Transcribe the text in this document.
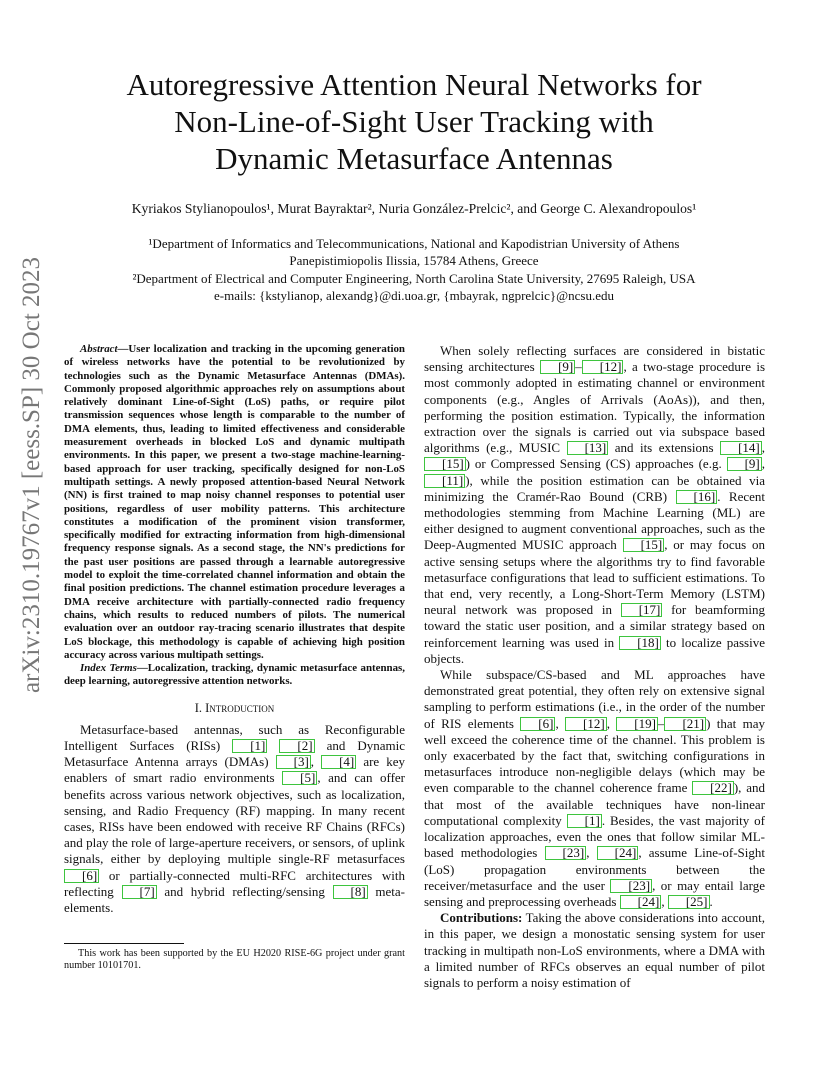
arXiv:2310.19767v1 [eess.SP] 30 Oct 2023
Autoregressive Attention Neural Networks for
Non-Line-of-Sight User Tracking with
Dynamic Metasurface Antennas
Kyriakos Stylianopoulos¹, Murat Bayraktar², Nuria González-Prelcic², and George C. Alexandropoulos¹
¹Department of Informatics and Telecommunications, National and Kapodistrian University of Athens
Panepistimiopolis Ilissia, 15784 Athens, Greece
²Department of Electrical and Computer Engineering, North Carolina State University, 27695 Raleigh, USA
e-mails: {kstylianop, alexandg}@di.uoa.gr, {mbayrak, ngprelcic}@ncsu.edu
Abstract—User localization and tracking in the upcoming generation of wireless networks have the potential to be revolutionized by technologies such as the Dynamic Metasurface Antennas (DMAs). Commonly proposed algorithmic approaches rely on assumptions about relatively dominant Line-of-Sight (LoS) paths, or require pilot transmission sequences whose length is comparable to the number of DMA elements, thus, leading to limited effectiveness and considerable measurement overheads in blocked LoS and dynamic multipath environments. In this paper, we present a two-stage machine-learning-based approach for user tracking, specifically designed for non-LoS multipath settings. A newly proposed attention-based Neural Network (NN) is first trained to map noisy channel responses to potential user positions, regardless of user mobility patterns. This architecture constitutes a modification of the prominent vision transformer, specifically modified for extracting information from high-dimensional frequency response signals. As a second stage, the NN's predictions for the past user positions are passed through a learnable autoregressive model to exploit the time-correlated channel information and obtain the final position predictions. The channel estimation procedure leverages a DMA receive architecture with partially-connected radio frequency chains, which results to reduced numbers of pilots. The numerical evaluation over an outdoor ray-tracing scenario illustrates that despite LoS blockage, this methodology is capable of achieving high position accuracy across various multipath settings.
Index Terms—Localization, tracking, dynamic metasurface antennas, deep learning, autoregressive attention networks.
I. Introduction

Metasurface-based antennas, such as Reconfigurable Intelligent Surfaces (RISs) [1] [2] and Dynamic Metasurface Antenna arrays (DMAs) [3] , [4] are key enablers of smart radio environments [5] , and can offer benefits across various network objectives, such as localization, sensing, and Radio Frequency (RF) mapping. In many recent cases, RISs have been endowed with receive RF Chains (RFCs) and play the role of large-aperture receivers, or sensors, of uplink signals, either by deploying multiple single-RF metasurfaces [6] or partially-connected multi-RFC architectures with reflecting [7] and hybrid reflecting/sensing [8] meta-elements.

This work has been supported by the EU H2020 RISE-6G project under grant number 10101701.

When solely reflecting surfaces are considered in bistatic sensing architectures [9] – [12] , a two-stage procedure is most commonly adopted in estimating channel or environment components (e.g., Angles of Arrivals (AoAs)), and then, performing the position estimation. Typically, the information extraction over the signals is carried out via subspace based algorithms (e.g., MUSIC [13] and its extensions [14] , [15] ) or Compressed Sensing (CS) approaches (e.g. [9] , [11] ), while the position estimation can be obtained via minimizing the Cramér-Rao Bound (CRB) [16] . Recent methodologies stemming from Machine Learning (ML) are either designed to augment conventional approaches, such as the Deep-Augmented MUSIC approach [15] , or may focus on active sensing setups where the algorithms try to find favorable metasurface configurations that lead to sufficient estimations. To that end, very recently, a Long-Short-Term Memory (LSTM) neural network was proposed in [17] for beamforming toward the static user position, and a similar strategy based on reinforcement learning was used in [18] to localize passive objects.

While subspace/CS-based and ML approaches have demonstrated great potential, they often rely on extensive signal sampling to perform estimations (i.e., in the order of the number of RIS elements [6] , [12] , [19] – [21] ) that may well exceed the coherence time of the channel. This problem is only exacerbated by the fact that, switching configurations in metasurfaces introduce non-negligible delays (which may be even comparable to the channel coherence frame [22] ), and that most of the available techniques have non-linear computational complexity [1] . Besides, the vast majority of localization approaches, even the ones that follow similar ML-based methodologies [23] , [24] , assume Line-of-Sight (LoS) propagation environments between the receiver/metasurface and the user [23] , or may entail large sensing and preprocessing overheads [24] , [25] .

Contributions: Taking the above considerations into account, in this paper, we design a monostatic sensing system for user tracking in multipath non-LoS environments, where a DMA with a limited number of RFCs observes an equal number of pilot signals to perform a noisy estimation of
